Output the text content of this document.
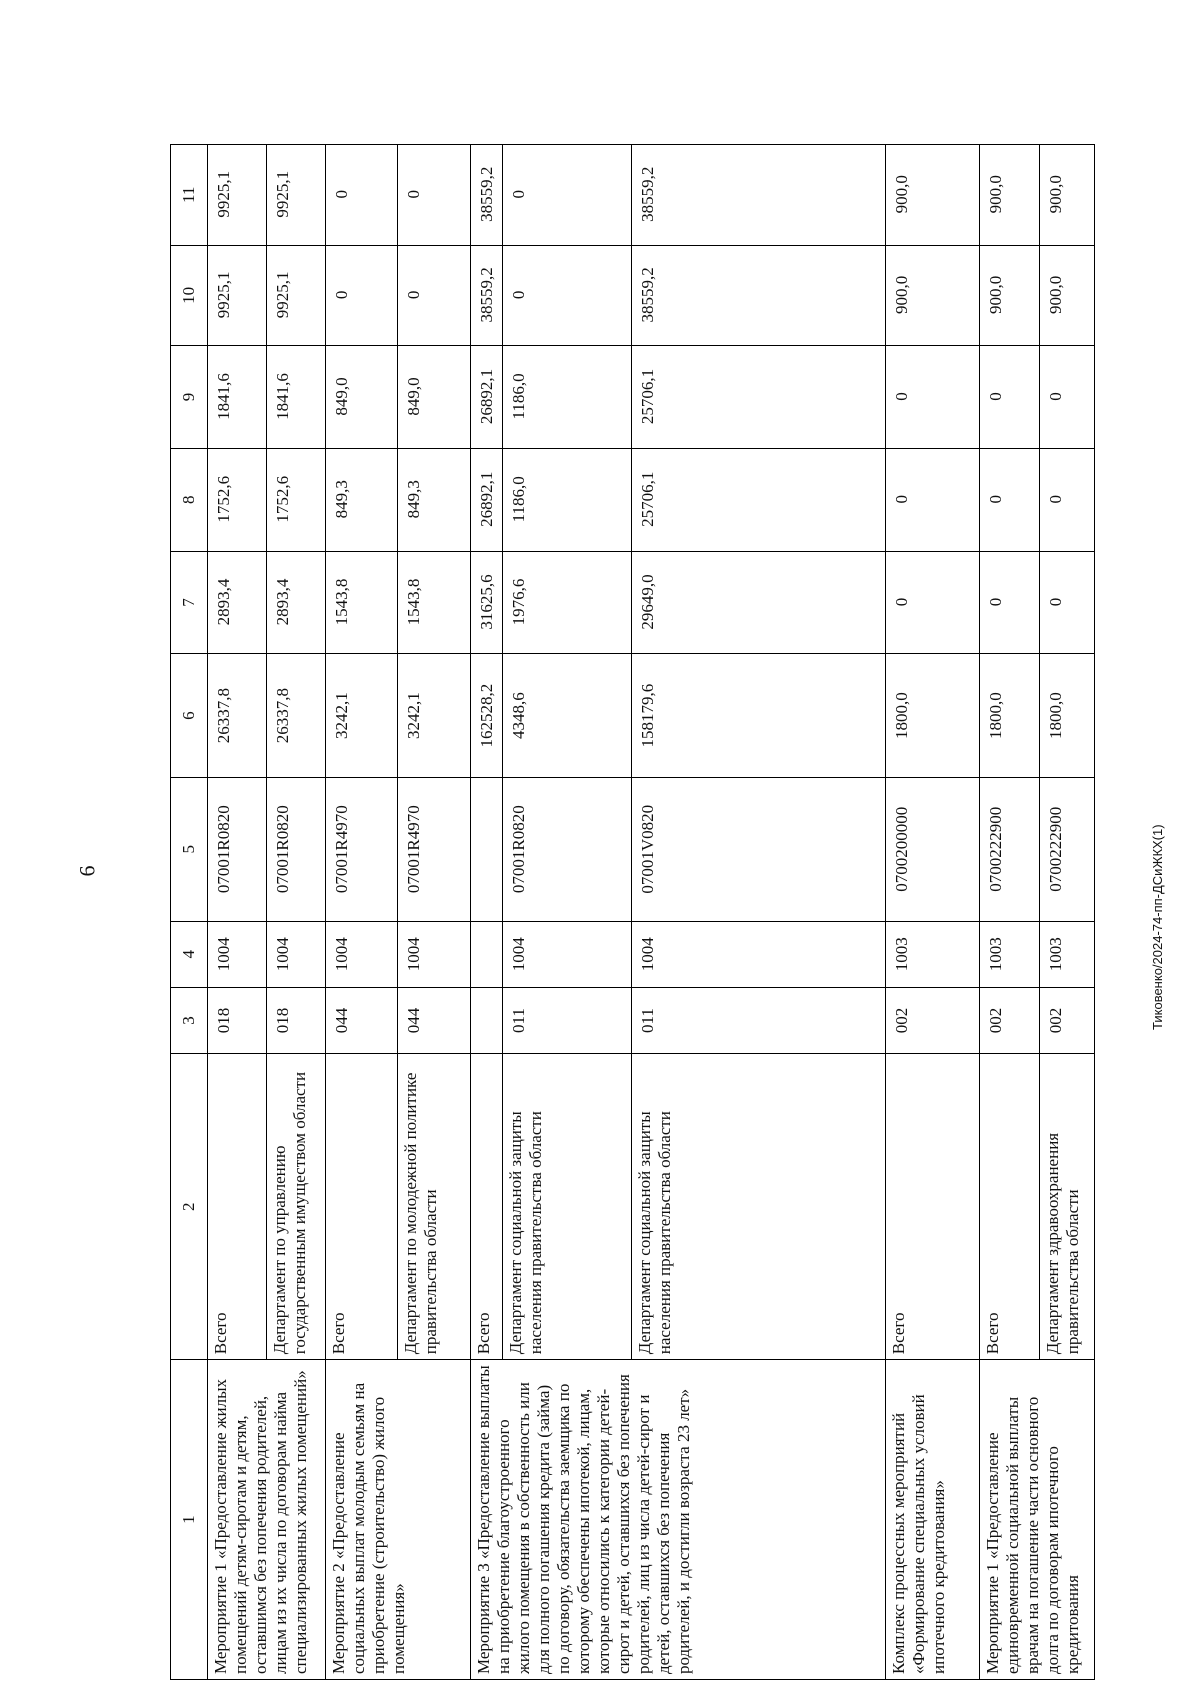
6	Тиковенко/2024-74-пп-ДСиЖКХ(1)
1	2	3	4	5	6	7	8	9	10	11
Мероприятие 1 «Предоставление жилых помещений детям-сиротам и детям, оставшимся без попечения родителей, лицам из их числа по договорам найма специализированных жилых помещений»	Всего	018	1004	07001R0820	26337,8	2893,4	1752,6	1841,6	9925,1	9925,1
	Департамент по управлению государственным имуществом области	018	1004	07001R0820	26337,8	2893,4	1752,6	1841,6	9925,1	9925,1
Мероприятие 2 «Предоставление социальных выплат молодым семьям на приобретение (строительство) жилого помещения»	Всего	044	1004	07001R4970	3242,1	1543,8	849,3	849,0	0	0
	Департамент по молодежной политике правительства области	044	1004	07001R4970	3242,1	1543,8	849,3	849,0	0	0
Мероприятие 3 «Предоставление выплаты на приобретение благоустроенного жилого помещения в собственность или для полного погашения кредита (займа) по договору, обязательства заемщика по которому обеспечены ипотекой, лицам, которые относились к категории детей-сирот и детей, оставшихся без попечения родителей, лиц из числа детей-сирот и детей, оставшихся без попечения родителей, и достигли возраста 23 лет»	Всего				162528,2	31625,6	26892,1	26892,1	38559,2	38559,2
	Департамент социальной защиты населения правительства области	011	1004	07001R0820	4348,6	1976,6	1186,0	1186,0	0	0
	Департамент социальной защиты населения правительства области	011	1004	07001V0820	158179,6	29649,0	25706,1	25706,1	38559,2	38559,2
Комплекс процессных мероприятий «Формирование специальных условий ипотечного кредитования»	Всего	002	1003	0700200000	1800,0	0	0	0	900,0	900,0
Мероприятие 1 «Предоставление единовременной социальной выплаты врачам на погашение части основного долга по договорам ипотечного кредитования	Всего	002	1003	0700222900	1800,0	0	0	0	900,0	900,0
	Департамент здравоохранения правительства области	002	1003	0700222900	1800,0	0	0	0	900,0	900,0
